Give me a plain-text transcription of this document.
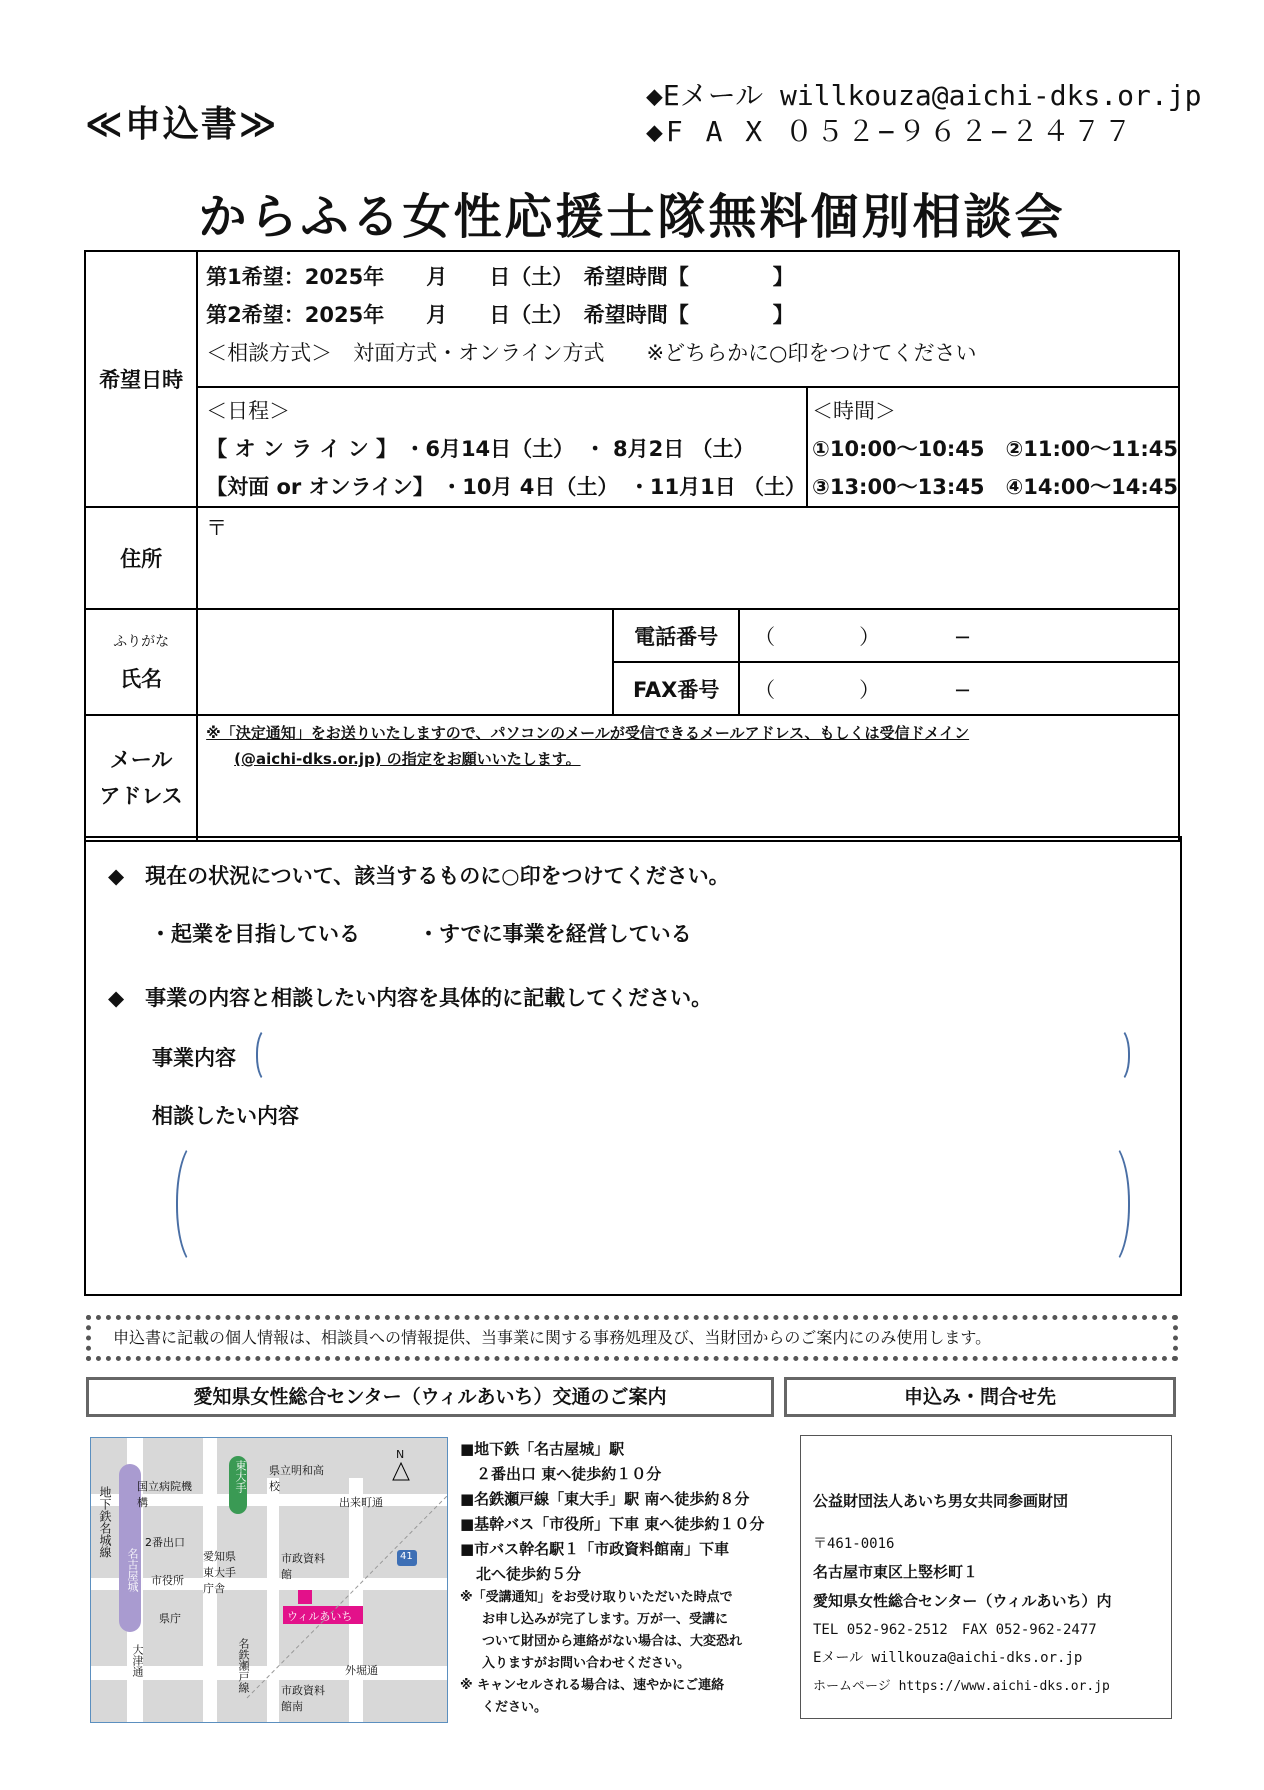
≪申込書≫
◆Eメール willkouza@aichi-dks.or.jp
◆F A X ０５２−９６２−２４７７
からふる女性応援士隊無料個別相談会
希望日時	
第1希望：2025年　　月　　日（土）　希望時間【　　　　】
第2希望：2025年　　月　　日（土）　希望時間【　　　　】
＜相談方式＞　対面方式・オンライン方式　　※どちらかに○印をつけてください

＜日程＞
【 オ ン ラ イ ン 】 ・6月14日（土）　・ 8月2日 （土）
【対面 or オンライン】 ・10月 4日（土）　・11月1日 （土）

＜時間＞
①10:00〜10:45　②11:00〜11:45
③13:00〜13:45　④14:00〜14:45

住所	〒

ふりがな
氏名

	電話番号	（　　　　）　　　　−
FAX番号	（　　　　）　　　　−

メール
アドレス

※「決定通知」をお送りいたしますので、パソコンのメールが受信できるメールアドレス、もしくは受信ドメイン
(@aichi-dks.or.jp) の指定をお願いいたします。
◆　現在の状況について、該当するものに○印をつけてください。
・起業を目指している	・すでに事業を経営している
◆　事業の内容と相談したい内容を具体的に記載してください。
事業内容
相談したい内容
申込書に記載の個人情報は、相談員への情報提供、当事業に関する事務処理及び、当財団からのご案内にのみ使用します。
愛知県女性総合センター（ウィルあいち）交通のご案内	申込み・問合せ先
地下鉄名城線
名古屋城
東大手
国立病院機構
県立明和高校
出来町通
2番出口
愛知県東大手庁舎
市政資料館
市役所
県庁	ウィルあいち
大津通	名鉄瀬戸線	外堀通
市政資料館南
41
N	■地下鉄「名古屋城」駅
２番出口 東へ徒歩約１０分
■名鉄瀬戸線「東大手」駅 南へ徒歩約８分
■基幹バス「市役所」下車 東へ徒歩約１０分
■市バス幹名駅１「市政資料館南」下車
北へ徒歩約５分
※「受講通知」をお受け取りいただいた時点で
お申し込みが完了します。万が一、受講に
ついて財団から連絡がない場合は、大変恐れ
入りますがお問い合わせください。
※ キャンセルされる場合は、速やかにご連絡
ください。
公益財団法人あいち男女共同参画財団
〒461-0016
名古屋市東区上竪杉町１
愛知県女性総合センター（ウィルあいち）内
TEL 052-962-2512　FAX 052-962-2477
Eメール willkouza@aichi-dks.or.jp
ホームページ https://www.aichi-dks.or.jp
